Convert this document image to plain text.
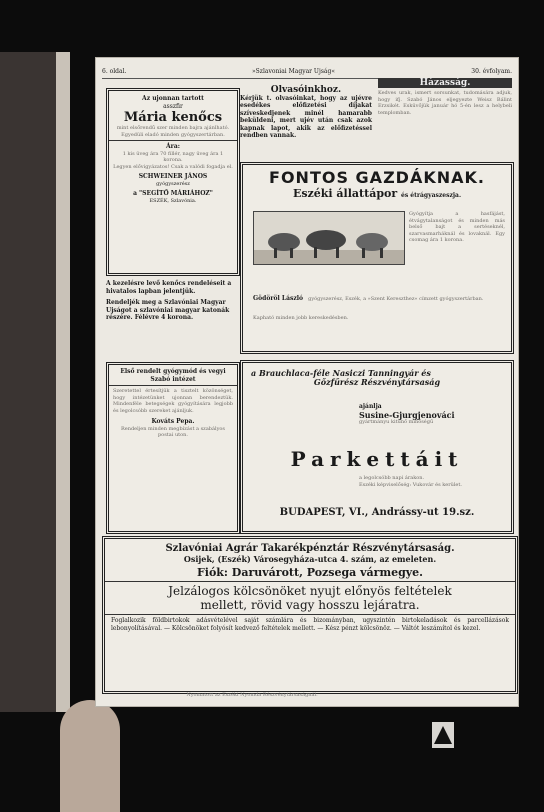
6. oldal.	»Szlavoniai Magyar Ujság«	30. évfolyam.
Az ujonnan tartott
asszfir
Mária kenőcs
mint elsőrendű szer minden bajra ajánlható. Egyedüli eladó minden gyógyszertárban.
Ára:
1 kis üveg ára 70 fillér, nagy üveg ára 1 korona.
Legyen elővigyázatos! Csak a valódi fogadja el.
SCHWEINER JÁNOS
gyógyszerész
a "SEGÍTŐ MÁRIÁHOZ"
ESZÉK, Szlavónia.
A kezelésre levő kenőcs rendeléseit a hivatalos lapban jelentjük.
Rendeljék meg a Szlavóniai Magyar Ujságot a szlavóniai magyar katonák részére. Félévre 4 korona.
Olvasóinkhoz.
Kérjük t. olvasóinkat, hogy az ujévre esedékes előfizetési díjakat szíveskedjenek minél hamarabb beküldeni, mert ujév után csak azok kapnak lapot, akik az előfizetéssel rendben vannak.
Házasság.
Kedves urak, ismert sorsunkat, tudomására adjuk, hogy ifj. Szabó János eljegyezte Weisz Bálint Erzsikét. Esküvőjük január hó 5-én lesz a helybeli templomban.
FONTOS GAZDÁKNAK.
Eszéki állattápor és étrágyaszeszja.
Gyógyítja a hasfájást, étvágytalanságot és minden más belső bajt a sertéseknél, szarvasmarháknál és lovaknál. Egy csomag ára 1 korona.
Gödöröl László gyógyszerész, Eszék, a »Szent Kereszthez« címzett gyógyszertárban. Kapható minden jobb kereskedésben.
Első rendelt gyógymód és vegyi
Szabó intézet
Szeretettel értesítjük a tisztelt közönséget, hogy intézetünket ujonnan berendeztük. Mindenféle betegségek gyógyítására legjobb és legolcsóbb szereket ajánljuk.
Kováts Pepa.
Rendeljen minden megbízást a szabályos postai uton.
a Brauchlaca-féle Nasiczi Tanningyár és
Gőzfűrész Részvénytársaság
ajánlja
Susine-Gjurgjenováci
gyártmányu kitűnő minőségű
Parkettáit
a legolcsóbb napi árakon.
Eszéki képviselőség: Vukovár és kerület.
BUDAPEST, VI., Andrássy-ut 19.sz.
Szlavóniai Agrár Takarékpénztár Részvénytársaság.
Osijek, (Eszék) Városegyháza-utca 4. szám, az emeleten.
Fiók: Daruvárott, Pozsega vármegye.
Jelzálogos kölcsönöket nyujt előnyös feltételek
mellett, rövid vagy hosszu lejáratra.
Foglalkozik földbirtokok adásvételével saját számlára és bizományban, ugyszintén birtokeladások és parcellázások lebonyolításával. — Kölcsönöket folyósít kedvező feltételek mellett. — Kész pénzt kölcsönöz. — Váltót leszámítol és kezel.
Nyomatott az Eszéki Nyomda Részvénytársaságnál.
